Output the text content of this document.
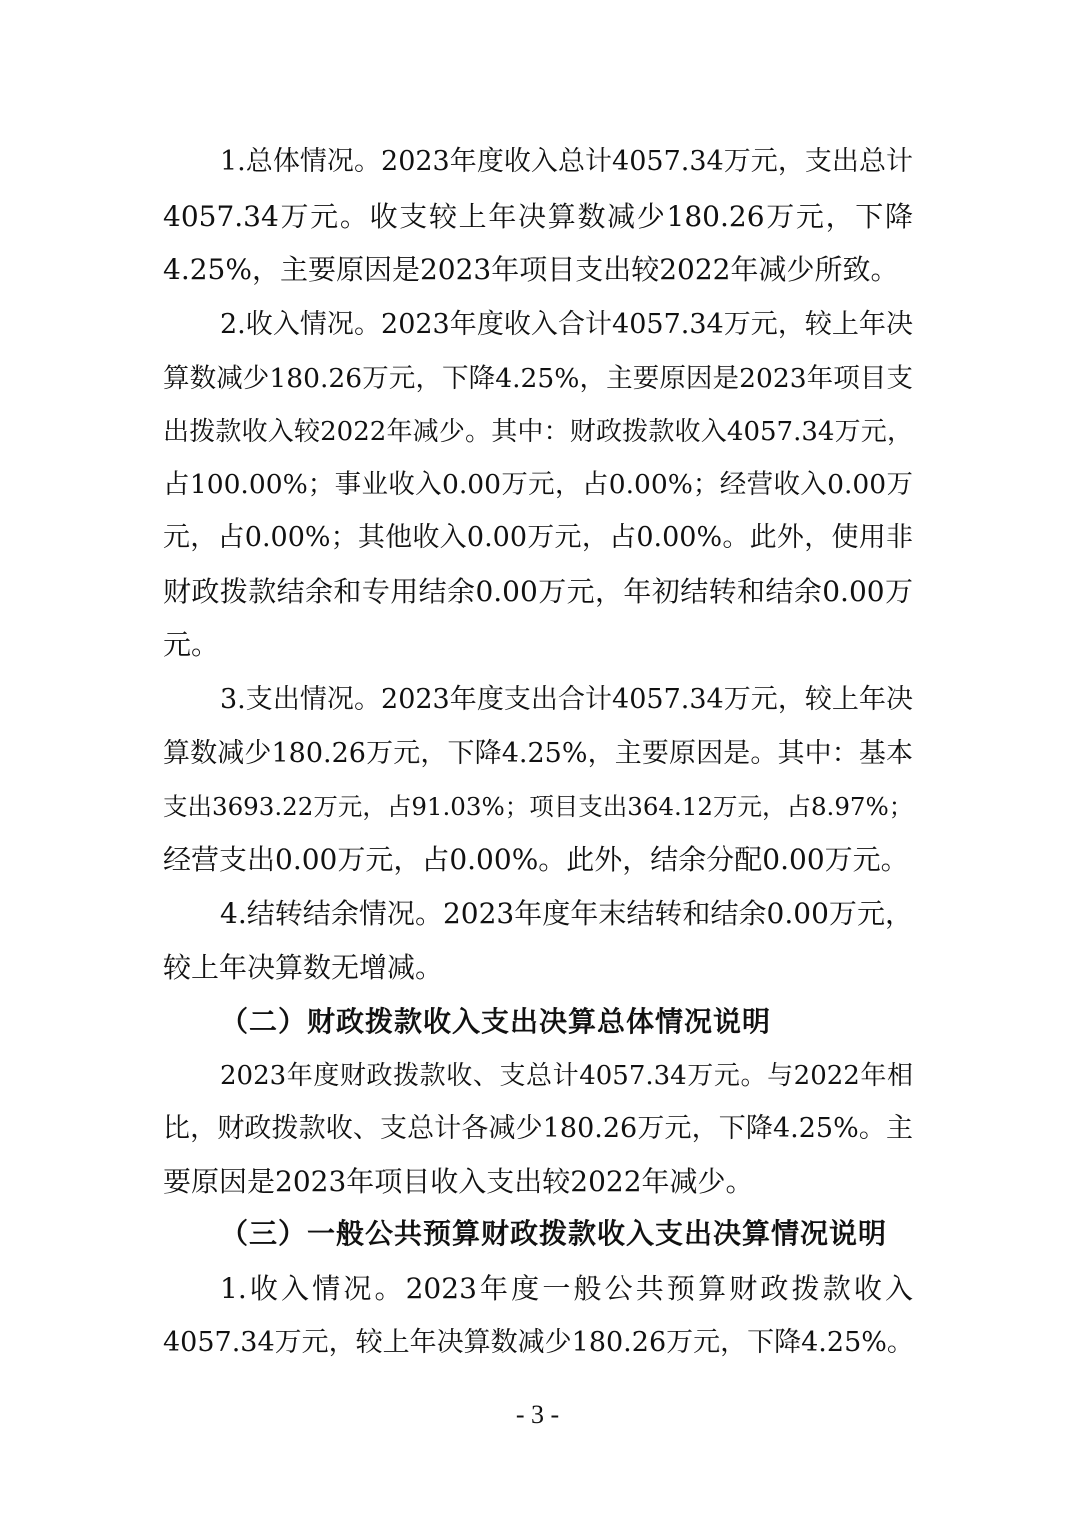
1.总体情况。2023年度收入总计4057.34万元，支出总计
4057.34万元。收支较上年决算数减少180.26万元，下降
4.25%，主要原因是2023年项目支出较2022年减少所致。
2.收入情况。2023年度收入合计4057.34万元，较上年决
算数减少180.26万元，下降4.25%，主要原因是2023年项目支
出拨款收入较2022年减少。其中：财政拨款收入4057.34万元，
占100.00%；事业收入0.00万元，占0.00%；经营收入0.00万
元，占0.00%；其他收入0.00万元，占0.00%。此外，使用非
财政拨款结余和专用结余0.00万元，年初结转和结余0.00万
元。
3.支出情况。2023年度支出合计4057.34万元，较上年决
算数减少180.26万元，下降4.25%，主要原因是。其中：基本
支出3693.22万元，占91.03%；项目支出364.12万元，占8.97%；
经营支出0.00万元，占0.00%。此外，结余分配0.00万元。
4.结转结余情况。2023年度年末结转和结余0.00万元，
较上年决算数无增减。
（二）财政拨款收入支出决算总体情况说明
2023年度财政拨款收、支总计4057.34万元。与2022年相
比，财政拨款收、支总计各减少180.26万元，下降4.25%。主
要原因是2023年项目收入支出较2022年减少。
（三）一般公共预算财政拨款收入支出决算情况说明
1.收入情况。2023年度一般公共预算财政拨款收入
4057.34万元，较上年决算数减少180.26万元，下降4.25%。
- 3 -
